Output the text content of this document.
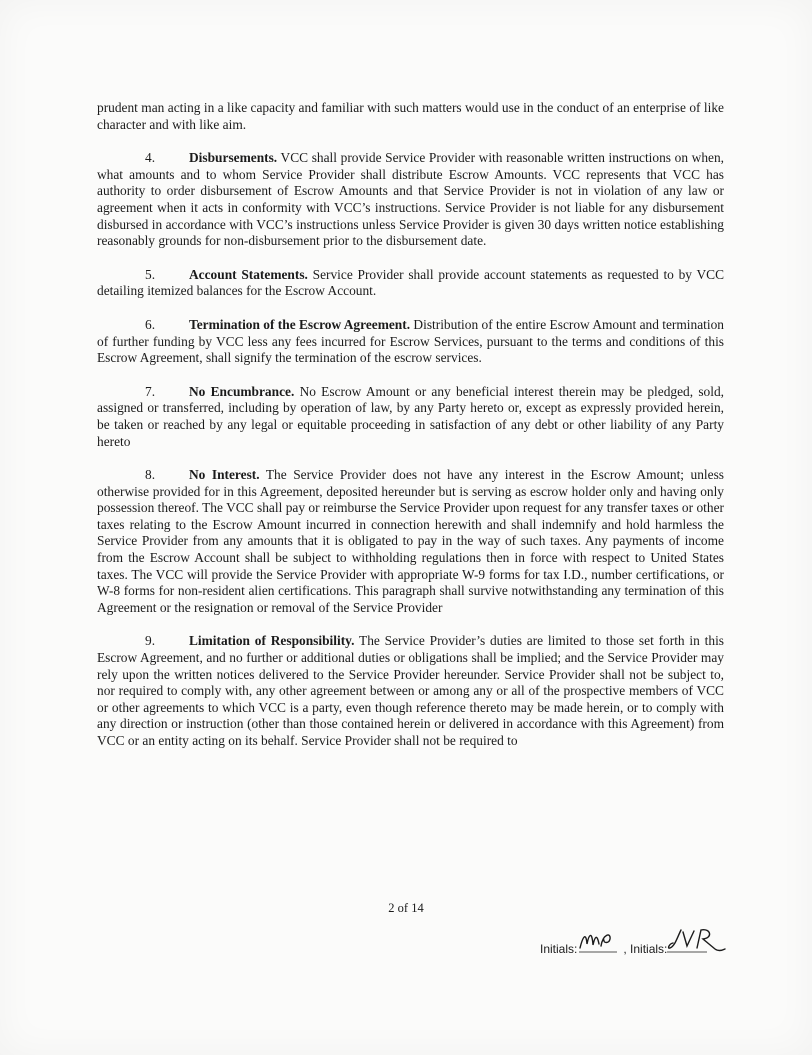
prudent man acting in a like capacity and familiar with such matters would use in the conduct of an enterprise of like character and with like aim.

4.	Disbursements. VCC shall provide Service Provider with reasonable written instructions on when, what amounts and to whom Service Provider shall distribute Escrow Amounts. VCC represents that VCC has authority to order disbursement of Escrow Amounts and that Service Provider is not in violation of any law or agreement when it acts in conformity with VCC’s instructions. Service Provider is not liable for any disbursement disbursed in accordance with VCC’s instructions unless Service Provider is given 30 days written notice establishing reasonably grounds for non-disbursement prior to the disbursement date.

5.	Account Statements. Service Provider shall provide account statements as requested to by VCC detailing itemized balances for the Escrow Account.

6.	Termination of the Escrow Agreement. Distribution of the entire Escrow Amount and termination of further funding by VCC less any fees incurred for Escrow Services, pursuant to the terms and conditions of this Escrow Agreement, shall signify the termination of the escrow services.

7.	No Encumbrance. No Escrow Amount or any beneficial interest therein may be pledged, sold, assigned or transferred, including by operation of law, by any Party hereto or, except as expressly provided herein, be taken or reached by any legal or equitable proceeding in satisfaction of any debt or other liability of any Party hereto

8.	No Interest. The Service Provider does not have any interest in the Escrow Amount; unless otherwise provided for in this Agreement, deposited hereunder but is serving as escrow holder only and having only possession thereof. The VCC shall pay or reimburse the Service Provider upon request for any transfer taxes or other taxes relating to the Escrow Amount incurred in connection herewith and shall indemnify and hold harmless the Service Provider from any amounts that it is obligated to pay in the way of such taxes. Any payments of income from the Escrow Account shall be subject to withholding regulations then in force with respect to United States taxes. The VCC will provide the Service Provider with appropriate W-9 forms for tax I.D., number certifications, or W-8 forms for non-resident alien certifications. This paragraph shall survive notwithstanding any termination of this Agreement or the resignation or removal of the Service Provider

9.	Limitation of Responsibility. The Service Provider’s duties are limited to those set forth in this Escrow Agreement, and no further or additional duties or obligations shall be implied; and the Service Provider may rely upon the written notices delivered to the Service Provider hereunder. Service Provider shall not be subject to, nor required to comply with, any other agreement between or among any or all of the prospective members of VCC or other agreements to which VCC is a party, even though reference thereto may be made herein, or to comply with any direction or instruction (other than those contained herein or delivered in accordance with this Agreement) from VCC or an entity acting on its behalf. Service Provider shall not be required to

2 of 14
Initials:	, Initials:
